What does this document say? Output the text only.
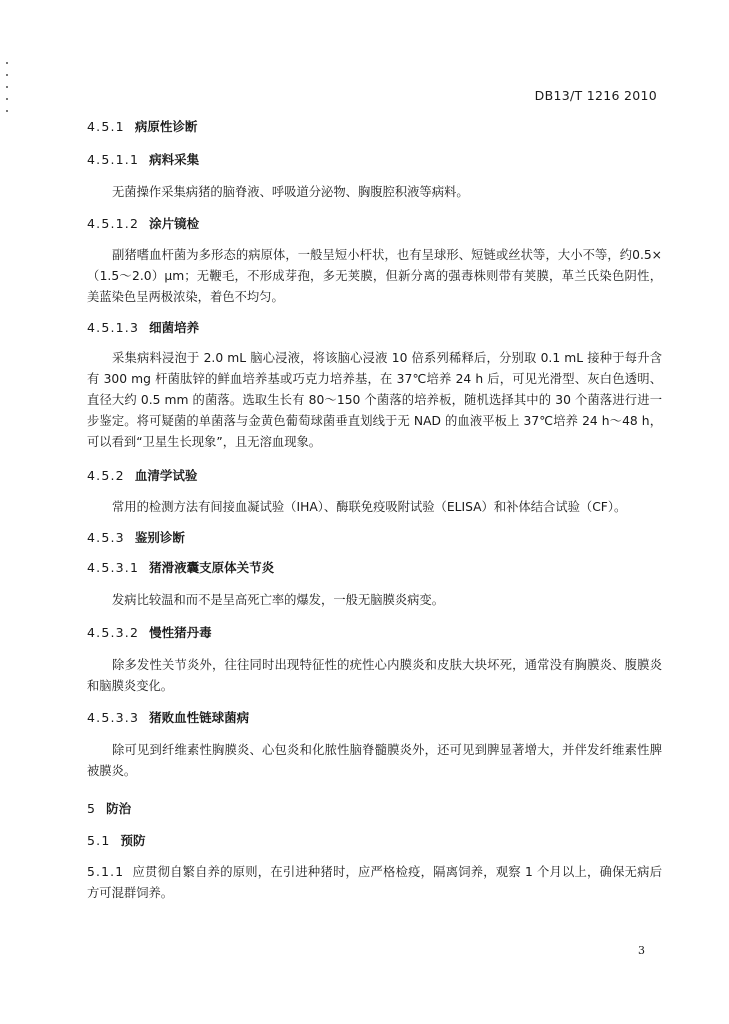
DB13/T 1216 2010
4.5.1 病原性诊断
4.5.1.1 病料采集

无菌操作采集病猪的脑脊液、呼吸道分泌物、胸腹腔积液等病料。

4.5.1.2 涂片镜检

副猪嗜血杆菌为多形态的病原体，一般呈短小杆状，也有呈球形、短链或丝状等，大小不等，约0.5×（1.5～2.0）μm；无鞭毛，不形成芽孢，多无荚膜，但新分离的强毒株则带有荚膜，革兰氏染色阴性，美蓝染色呈两极浓染，着色不均匀。

4.5.1.3 细菌培养

采集病料浸泡于 2.0 mL 脑心浸液，将该脑心浸液 10 倍系列稀释后，分别取 0.1 mL 接种于每升含有 300 mg 杆菌肽锌的鲜血培养基或巧克力培养基，在 37℃培养 24 h 后，可见光滑型、灰白色透明、直径大约 0.5 mm 的菌落。选取生长有 80～150 个菌落的培养板，随机选择其中的 30 个菌落进行进一步鉴定。将可疑菌的单菌落与金黄色葡萄球菌垂直划线于无 NAD 的血液平板上 37℃培养 24 h～48 h，可以看到“卫星生长现象”，且无溶血现象。

4.5.2 血清学试验

常用的检测方法有间接血凝试验（IHA）、酶联免疫吸附试验（ELISA）和补体结合试验（CF）。

4.5.3 鉴别诊断
4.5.3.1 猪滑液囊支原体关节炎

发病比较温和而不是呈高死亡率的爆发，一般无脑膜炎病变。

4.5.3.2 慢性猪丹毒

除多发性关节炎外，往往同时出现特征性的疣性心内膜炎和皮肤大块坏死，通常没有胸膜炎、腹膜炎和脑膜炎变化。

4.5.3.3 猪败血性链球菌病

除可见到纤维素性胸膜炎、心包炎和化脓性脑脊髓膜炎外，还可见到脾显著增大，并伴发纤维素性脾被膜炎。

5 防治
5.1 预防

5.1.1 应贯彻自繁自养的原则，在引进种猪时，应严格检疫，隔离饲养，观察 1 个月以上，确保无病后方可混群饲养。

3
